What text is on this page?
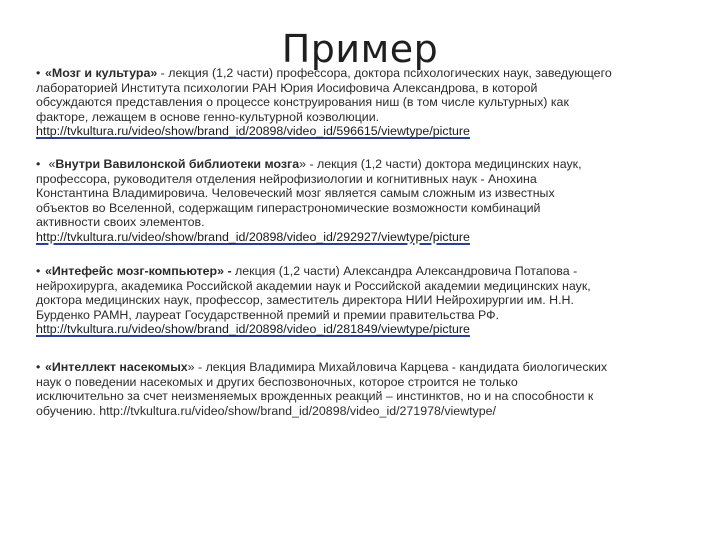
Пример
• «Мозг и культура» - лекция (1,2 части) профессора, доктора психологических наук, заведующего
лабораторией Института психологии РАН Юрия Иосифовича Александрова, в которой
обсуждаются представления о процессе конструирования ниш (в том числе культурных) как
факторе, лежащем в основе генно-культурной коэволюции.
http://tvkultura.ru/video/show/brand_id/20898/video_id/596615/viewtype/picture
• «Внутри Вавилонской библиотеки мозга» - лекция (1,2 части) доктора медицинских наук,
профессора, руководителя отделения нейрофизиологии и когнитивных наук - Анохина
Константина Владимировича. Человеческий мозг является самым сложным из известных
объектов во Вселенной, содержащим гиперастрономические возможности комбинаций
активности своих элементов.
http://tvkultura.ru/video/show/brand_id/20898/video_id/292927/viewtype/picture
• «Интефейс мозг-компьютер» - лекция (1,2 части) Александра Александровича Потапова -
нейрохирурга, академика Российской академии наук и Российской академии медицинских наук,
доктора медицинских наук, профессор, заместитель директора НИИ Нейрохирургии им. Н.Н.
Бурденко РАМН, лауреат Государственной премий и премии правительства РФ.
http://tvkultura.ru/video/show/brand_id/20898/video_id/281849/viewtype/picture
• «Интеллект насекомых» - лекция Владимира Михайловича Карцева - кандидата биологических
наук о поведении насекомых и других беспозвоночных, которое строится не только
исключительно за счет неизменяемых врожденных реакций – инстинктов, но и на способности к
обучению. http://tvkultura.ru/video/show/brand_id/20898/video_id/271978/viewtype/
